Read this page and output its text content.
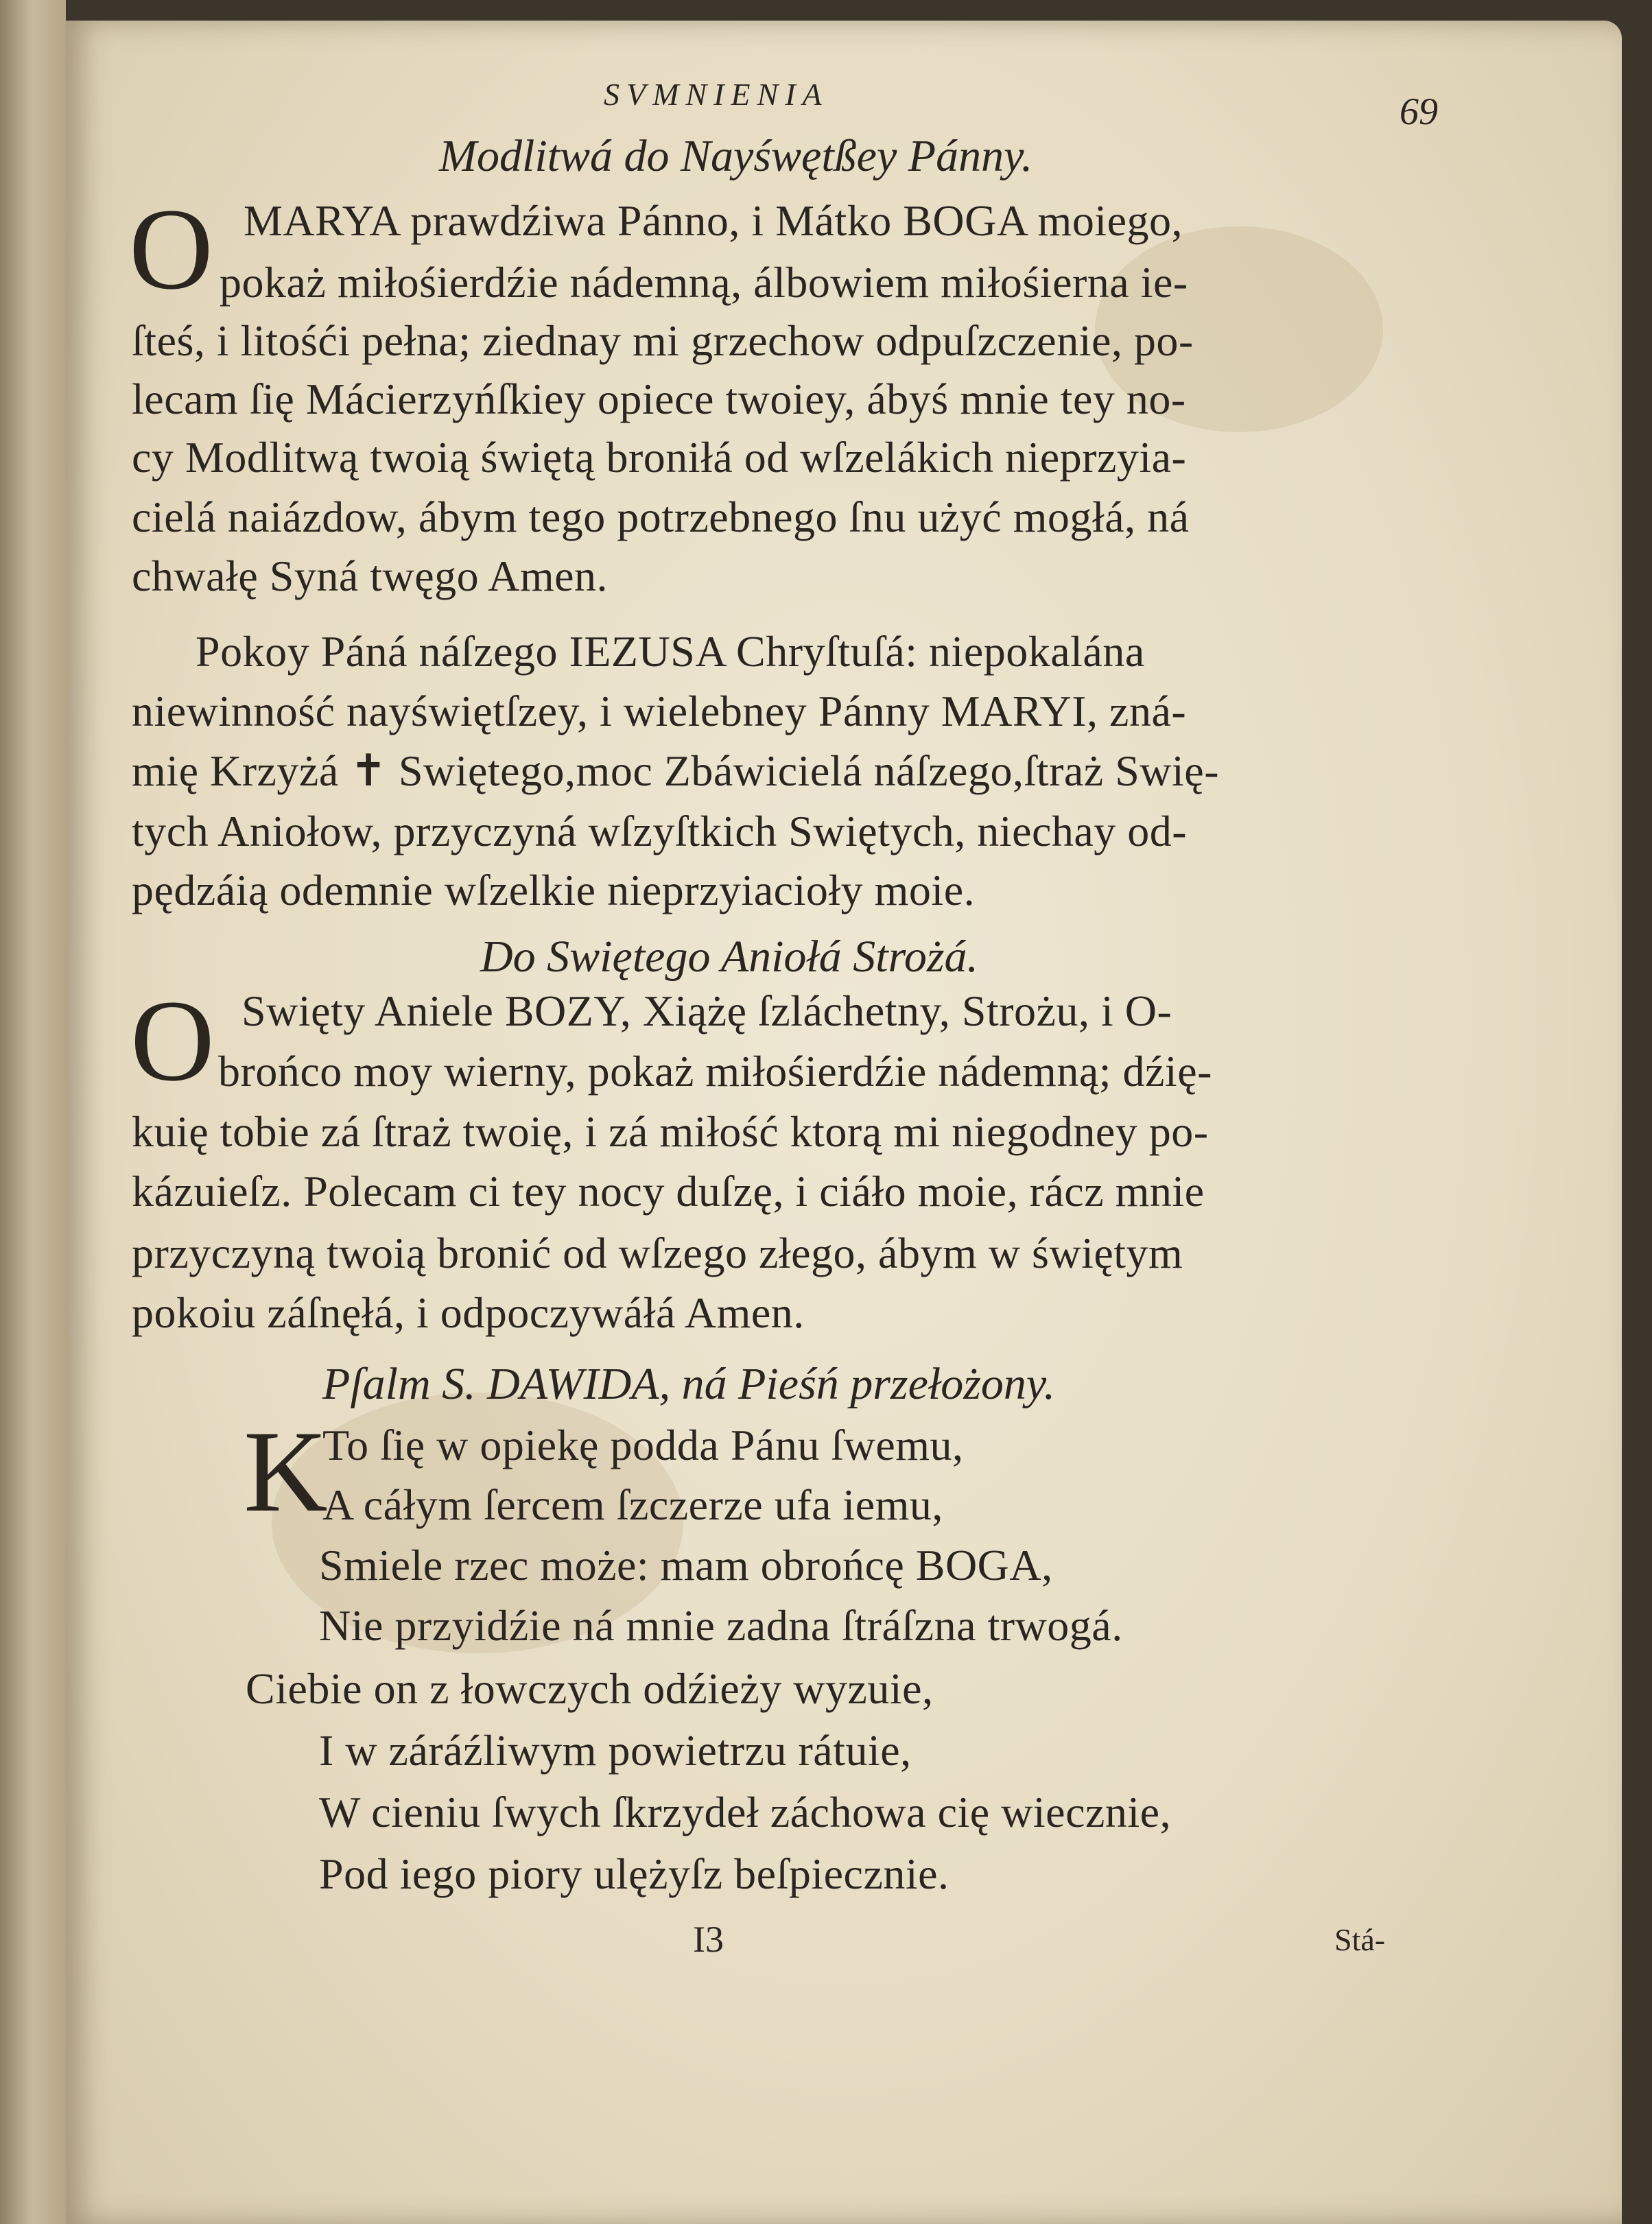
SVMNIENIA	69
Modlitwá do Nayśwętßey Pánny.
O MARYA prawdźiwa Pánno, i Mátko BOGA moiego,
pokaż miłośierdźie nádemną, álbowiem miłośierna ie-
ſteś, i litośći pełna; ziednay mi grzechow odpuſzczenie, po-
lecam ſię Mácierzyńſkiey opiece twoiey, ábyś mnie tey no-
cy Modlitwą twoią świętą broniłá od wſzelákich nieprzyia-
cielá naiázdow, ábym tego potrzebnego ſnu użyć mogłá, ná
chwałę Syná twęgo Amen.
Pokoy Páná náſzego IEZUSA Chryſtuſá: niepokalána
niewinność nayświętſzey, i wielebney Pánny MARYI, zná-
mię Krzyżá ✝ Swiętego,moc Zbáwicielá náſzego,ſtraż Swię-
tych Aniołow, przyczyná wſzyſtkich Swiętych, niechay od-
pędzáią odemnie wſzelkie nieprzyiacioły moie.
Do Swiętego Aniołá Strożá.
O Swięty Aniele BOZY, Xiążę ſzláchetny, Strożu, i O-
brońco moy wierny, pokaż miłośierdźie nádemną; dźię-
kuię tobie zá ſtraż twoię, i zá miłość ktorą mi niegodney po-
kázuieſz. Polecam ci tey nocy duſzę, i ciáło moie, rácz mnie
przyczyną twoią bronić od wſzego złego, ábym w świętym
pokoiu záſnęłá, i odpoczywáłá Amen.
Pſalm S. DAWIDA, ná Pieśń przełożony.
K
To ſię w opiekę podda Pánu ſwemu,
A cáłym ſercem ſzczerze ufa iemu,
Smiele rzec może: mam obrońcę BOGA,
Nie przyidźie ná mnie zadna ſtráſzna trwogá.
Ciebie on z łowczych odźieży wyzuie,
I w záráźliwym powietrzu rátuie,
W cieniu ſwych ſkrzydeł záchowa cię wiecznie,
Pod iego piory ulężyſz beſpiecznie.
I3	Stá-
